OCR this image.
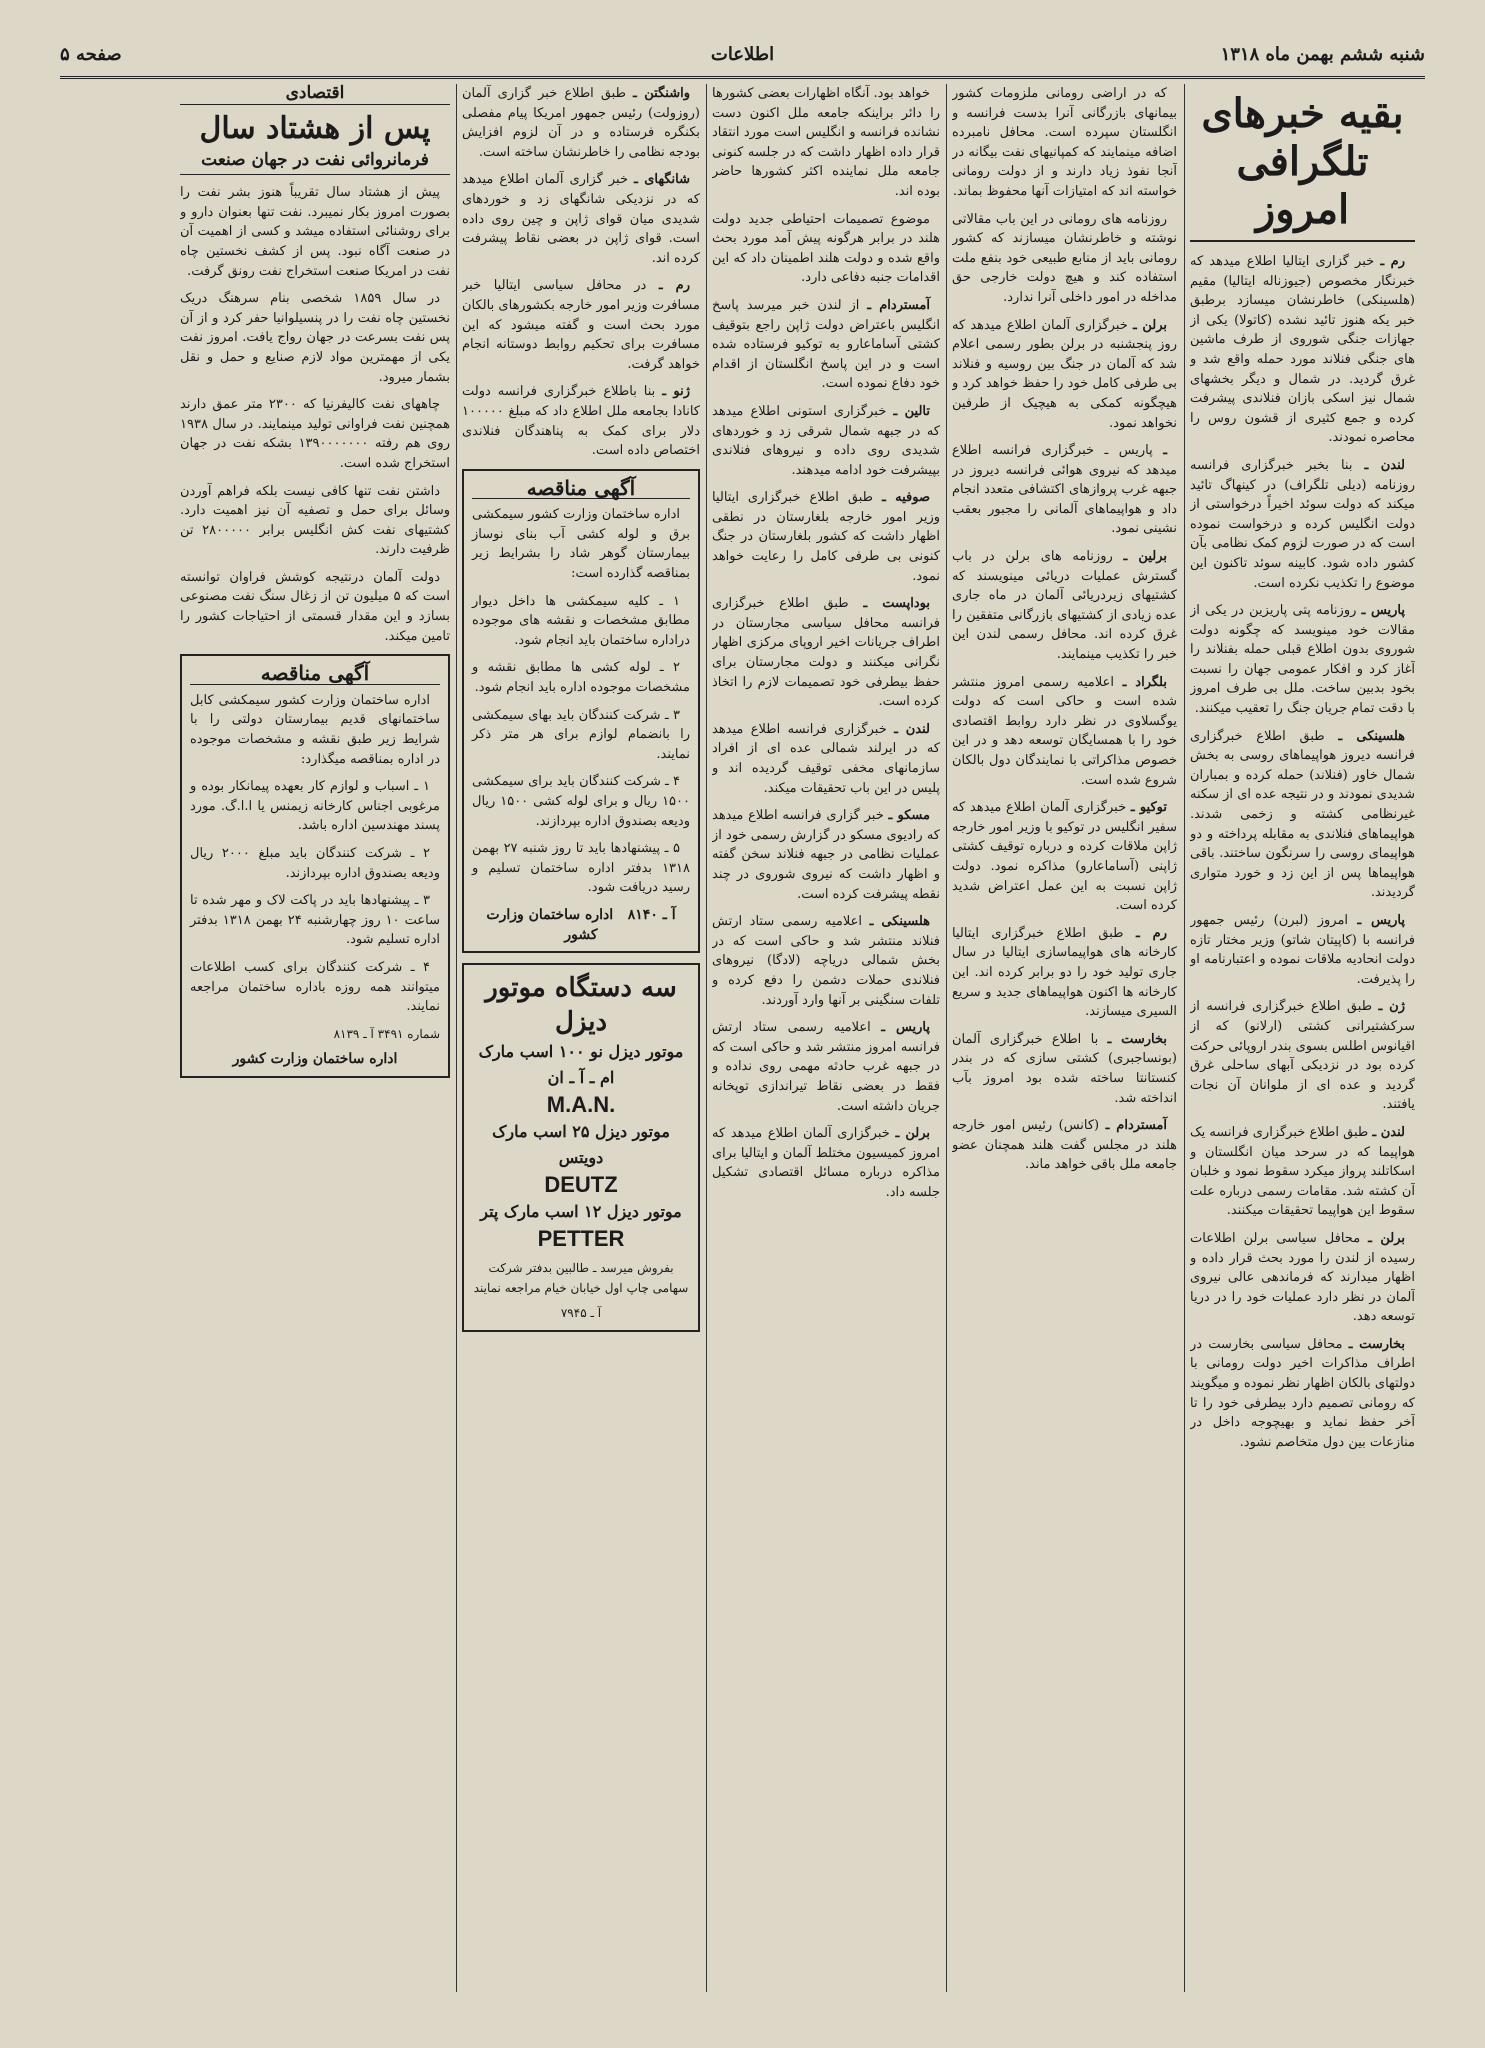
شنبه ششم بهمن ماه ۱۳۱۸
اطلاعات
صفحه ۵
بقیه خبرهای تلگرافی امروز

رم ـ خبر گزاری ایتالیا اطلاع میدهد که خبرنگار مخصوص (جیوزناله ایتالیا) مقیم (هلسینکی) خاطرنشان میسازد برطبق خبر یکه هنوز تائید نشده (کاتولا) یکی از جهازات جنگی شوروی از طرف ماشین های جنگی فنلاند مورد حمله واقع شد و غرق گردید. در شمال و دیگر بخشهای شمال نیز اسکی بازان فنلاندی پیشرفت کرده و جمع کثیری از قشون روس را محاصره نمودند.

لندن ـ بنا بخبر خبرگزاری فرانسه روزنامه (دیلی تلگراف) در کینهاگ تائید میکند که دولت سوئد اخیراً درخواستی از دولت انگلیس کرده و درخواست نموده است که در صورت لزوم کمک نظامی بآن کشور داده شود. کابینه سوئد تاکنون این موضوع را تکذیب نکرده است.

پاریس ـ روزنامه پتی پاریزین در یکی از مقالات خود مینویسد که چگونه دولت شوروی بدون اطلاع قبلی حمله بفنلاند را آغاز کرد و افکار عمومی جهان را نسبت بخود بدبین ساخت. ملل بی طرف امروز با دقت تمام جریان جنگ را تعقیب میکنند.

هلسینکی ـ طبق اطلاع خبرگزاری فرانسه دیروز هواپیماهای روسی به بخش شمال خاور (فنلاند) حمله کرده و بمباران شدیدی نمودند و در نتیجه عده ای از سکنه غیرنظامی کشته و زخمی شدند. هواپیماهای فنلاندی به مقابله پرداخته و دو هواپیمای روسی را سرنگون ساختند. باقی هواپیماها پس از این زد و خورد متواری گردیدند.

پاریس ـ امروز (لبرن) رئیس جمهور فرانسه با (کاپیتان شاتو) وزیر مختار تازه دولت انحادیه ملاقات نموده و اعتبارنامه او را پذیرفت.

ژن ـ طبق اطلاع خبرگزاری فرانسه از سرکشتیرانی کشتی (ارلانو) که از اقیانوس اطلس بسوی بندر اروپائی حرکت کرده بود در نزدیکی آبهای ساحلی غرق گردید و عده ای از ملوانان آن نجات یافتند.

لندن ـ طبق اطلاع خبرگزاری فرانسه یک هواپیما که در سرحد میان انگلستان و اسکاتلند پرواز میکرد سقوط نمود و خلبان آن کشته شد. مقامات رسمی درباره علت سقوط این هواپیما تحقیقات میکنند.

برلن ـ محافل سیاسی برلن اطلاعات رسیده از لندن را مورد بحث قرار داده و اظهار میدارند که فرماندهی عالی نیروی آلمان در نظر دارد عملیات خود را در دریا توسعه دهد.

بخارست ـ محافل سیاسی بخارست در اطراف مذاکرات اخیر دولت رومانی با دولتهای بالکان اظهار نظر نموده و میگویند که رومانی تصمیم دارد بیطرفی خود را تا آخر حفظ نماید و بهیچوجه داخل در منازعات بین دول متخاصم نشود.

که در اراضی رومانی ملزومات کشور بیمانهای بازرگانی آنرا بدست فرانسه و انگلستان سپرده است. محافل نامبرده اضافه مینمایند که کمپانیهای نفت بیگانه در آنجا نفوذ زیاد دارند و از دولت رومانی خواسته اند که امتیازات آنها محفوظ بماند.

روزنامه های رومانی در این باب مقالاتی نوشته و خاطرنشان میسازند که کشور رومانی باید از منابع طبیعی خود بنفع ملت استفاده کند و هیچ دولت خارجی حق مداخله در امور داخلی آنرا ندارد.

برلن ـ خبرگزاری آلمان اطلاع میدهد که روز پنجشنبه در برلن بطور رسمی اعلام شد که آلمان در جنگ بین روسیه و فنلاند بی طرفی کامل خود را حفظ خواهد کرد و هیچگونه کمکی به هیچیک از طرفین نخواهد نمود.

ـ پاریس ـ خبرگزاری فرانسه اطلاع میدهد که نیروی هوائی فرانسه دیروز در جبهه غرب پروازهای اکتشافی متعدد انجام داد و هواپیماهای آلمانی را مجبور بعقب نشینی نمود.

برلین ـ روزنامه های برلن در باب گسترش عملیات دریائی مینویسند که کشتیهای زیردریائی آلمان در ماه جاری عده زیادی از کشتیهای بازرگانی متفقین را غرق کرده اند. محافل رسمی لندن این خبر را تکذیب مینمایند.

بلگراد ـ اعلامیه رسمی امروز منتشر شده است و حاکی است که دولت یوگسلاوی در نظر دارد روابط اقتصادی خود را با همسایگان توسعه دهد و در این خصوص مذاکراتی با نمایندگان دول بالکان شروع شده است.

توکیو ـ خبرگزاری آلمان اطلاع میدهد که سفیر انگلیس در توکیو با وزیر امور خارجه ژاپن ملاقات کرده و درباره توقیف کشتی ژاپنی (آساماعارو) مذاکره نمود. دولت ژاپن نسبت به این عمل اعتراض شدید کرده است.

رم ـ طبق اطلاع خبرگزاری ایتالیا کارخانه های هواپیماسازی ایتالیا در سال جاری تولید خود را دو برابر کرده اند. این کارخانه ها اکنون هواپیماهای جدید و سریع السیری میسازند.

بخارست ـ با اطلاع خبرگزاری آلمان (بونساجبری) کشتی سازی که در بندر کنستانتا ساخته شده بود امروز بآب انداخته شد.

آمستردام ـ (کانس) رئیس امور خارجه هلند در مجلس گفت هلند همچنان عضو جامعه ملل باقی خواهد ماند.

خواهد بود. آنگاه اظهارات بعضی کشورها را دائر براینکه جامعه ملل اکنون دست نشانده فرانسه و انگلیس است مورد انتقاد قرار داده اظهار داشت که در جلسه کنونی جامعه ملل نماینده اکثر کشورها حاضر بوده اند.

موضوع تصمیمات احتیاطی جدید دولت هلند در برابر هرگونه پیش آمد مورد بحث واقع شده و دولت هلند اطمینان داد که این اقدامات جنبه دفاعی دارد.

آمستردام ـ از لندن خبر میرسد پاسخ انگلیس باعتراض دولت ژاپن راجع بتوقیف کشتی آساماعارو به توکیو فرستاده شده است و در این پاسخ انگلستان از اقدام خود دفاع نموده است.

تالین ـ خبرگزاری استونی اطلاع میدهد که در جبهه شمال شرقی زد و خوردهای شدیدی روی داده و نیروهای فنلاندی بپیشرفت خود ادامه میدهند.

صوفیه ـ طبق اطلاع خبرگزاری ایتالیا وزیر امور خارجه بلغارستان در نطقی اظهار داشت که کشور بلغارستان در جنگ کنونی بی طرفی کامل را رعایت خواهد نمود.

بوداپست ـ طبق اطلاع خبرگزاری فرانسه محافل سیاسی مجارستان در اطراف جریانات اخیر اروپای مرکزی اظهار نگرانی میکنند و دولت مجارستان برای حفظ بیطرفی خود تصمیمات لازم را اتخاذ کرده است.

لندن ـ خبرگزاری فرانسه اطلاع میدهد که در ایرلند شمالی عده ای از افراد سازمانهای مخفی توقیف گردیده اند و پلیس در این باب تحقیقات میکند.

مسکو ـ خبر گزاری فرانسه اطلاع میدهد که رادیوی مسکو در گزارش رسمی خود از عملیات نظامی در جبهه فنلاند سخن گفته و اظهار داشت که نیروی شوروی در چند نقطه پیشرفت کرده است.

هلسینکی ـ اعلامیه رسمی ستاد ارتش فنلاند منتشر شد و حاکی است که در بخش شمالی دریاچه (لادگا) نیروهای فنلاندی حملات دشمن را دفع کرده و تلفات سنگینی بر آنها وارد آوردند.

پاریس ـ اعلامیه رسمی ستاد ارتش فرانسه امروز منتشر شد و حاکی است که در جبهه غرب حادثه مهمی روی نداده و فقط در بعضی نقاط تیراندازی توپخانه جریان داشته است.

برلن ـ خبرگزاری آلمان اطلاع میدهد که امروز کمیسیون مختلط آلمان و ایتالیا برای مذاکره درباره مسائل اقتصادی تشکیل جلسه داد.

واشنگتن ـ طبق اطلاع خبر گزاری آلمان (روزولت) رئیس جمهور امریکا پیام مفصلی بکنگره فرستاده و در آن لزوم افزایش بودجه نظامی را خاطرنشان ساخته است.

شانگهای ـ خبر گزاری آلمان اطلاع میدهد که در نزدیکی شانگهای زد و خوردهای شدیدی میان قوای ژاپن و چین روی داده است. قوای ژاپن در بعضی نقاط پیشرفت کرده اند.

رم ـ در محافل سیاسی ایتالیا خبر مسافرت وزیر امور خارجه بکشورهای بالکان مورد بحث است و گفته میشود که این مسافرت برای تحکیم روابط دوستانه انجام خواهد گرفت.

ژنو ـ بنا باطلاع خبرگزاری فرانسه دولت کانادا بجامعه ملل اطلاع داد که مبلغ ۱۰۰۰۰۰ دلار برای کمک به پناهندگان فنلاندی اختصاص داده است.

آگهی مناقصه

اداره ساختمان وزارت کشور سیمکشی برق و لوله کشی آب بنای نوساز بیمارستان گوهر شاد را بشرایط زیر بمناقصه گذارده است:

۱ ـ کلیه سیمکشی ها داخل دیوار مطابق مشخصات و نقشه های موجوده دراداره ساختمان باید انجام شود.

۲ ـ لوله کشی ها مطابق نقشه و مشخصات موجوده اداره باید انجام شود.

۳ ـ شرکت کنندگان باید بهای سیمکشی را بانضمام لوازم برای هر متر ذکر نمایند.

۴ ـ شرکت کنندگان باید برای سیمکشی ۱۵۰۰ ریال و برای لوله کشی ۱۵۰۰ ریال ودیعه بصندوق اداره بپردازند.

۵ ـ پیشنهادها باید تا روز شنبه ۲۷ بهمن ۱۳۱۸ بدفتر اداره ساختمان تسلیم و رسید دریافت شود.

آ ـ ۸۱۴۰   اداره ساختمان وزارت کشور
سه دستگاه موتور دیزل
موتور دیزل نو ۱۰۰ اسب مارک ام ـ آ ـ ان
M.A.N.
موتور دیزل ۲۵ اسب مارک دویتس
DEUTZ
موتور دیزل ۱۲ اسب مارک پتر
PETTER
بفروش میرسد ـ طالبین بدفتر شرکت سهامی چاپ اول خیابان خیام مراجعه نمایند
آ ـ ۷۹۴۵
اقتصادی
پس از هشتاد سال
فرمانروائی نفت در جهان صنعت

پیش از هشتاد سال تقریباً هنوز بشر نفت را بصورت امروز بکار نمیبرد. نفت تنها بعنوان دارو و برای روشنائی استفاده میشد و کسی از اهمیت آن در صنعت آگاه نبود. پس از کشف نخستین چاه نفت در امریکا صنعت استخراج نفت رونق گرفت.

در سال ۱۸۵۹ شخصی بنام سرهنگ دریک نخستین چاه نفت را در پنسیلوانیا حفر کرد و از آن پس نفت بسرعت در جهان رواج یافت. امروز نفت یکی از مهمترین مواد لازم صنایع و حمل و نقل بشمار میرود.

چاههای نفت کالیفرنیا که ۲۳۰۰ متر عمق دارند همچنین نفت فراوانی تولید مینمایند. در سال ۱۹۳۸ روی هم رفته ۱۳۹۰۰۰۰۰۰۰ بشکه نفت در جهان استخراج شده است.

داشتن نفت تنها کافی نیست بلکه فراهم آوردن وسائل برای حمل و تصفیه آن نیز اهمیت دارد. کشتیهای نفت کش انگلیس برابر ۲۸۰۰۰۰۰ تن ظرفیت دارند.

دولت آلمان درنتیجه کوشش فراوان توانسته است که ۵ میلیون تن از زغال سنگ نفت مصنوعی بسازد و این مقدار قسمتی از احتیاجات کشور را تامین میکند.

آگهی مناقصه

اداره ساختمان وزارت کشور سیمکشی کابل ساختمانهای قدیم بیمارستان دولتی را با شرایط زیر طبق نقشه و مشخصات موجوده در اداره بمناقصه میگذارد:

۱ ـ اسباب و لوازم کار بعهده پیمانکار بوده و مرغوبی اجناس کارخانه زیمنس یا ا.ا.گ. مورد پسند مهندسین اداره باشد.

۲ ـ شرکت کنندگان باید مبلغ ۲۰۰۰ ریال ودیعه بصندوق اداره بپردازند.

۳ ـ پیشنهادها باید در پاکت لاک و مهر شده تا ساعت ۱۰ روز چهارشنبه ۲۴ بهمن ۱۳۱۸ بدفتر اداره تسلیم شود.

۴ ـ شرکت کنندگان برای کسب اطلاعات میتوانند همه روزه باداره ساختمان مراجعه نمایند.

شماره ۳۴۹۱ آ ـ ۸۱۳۹
اداره ساختمان وزارت کشور
